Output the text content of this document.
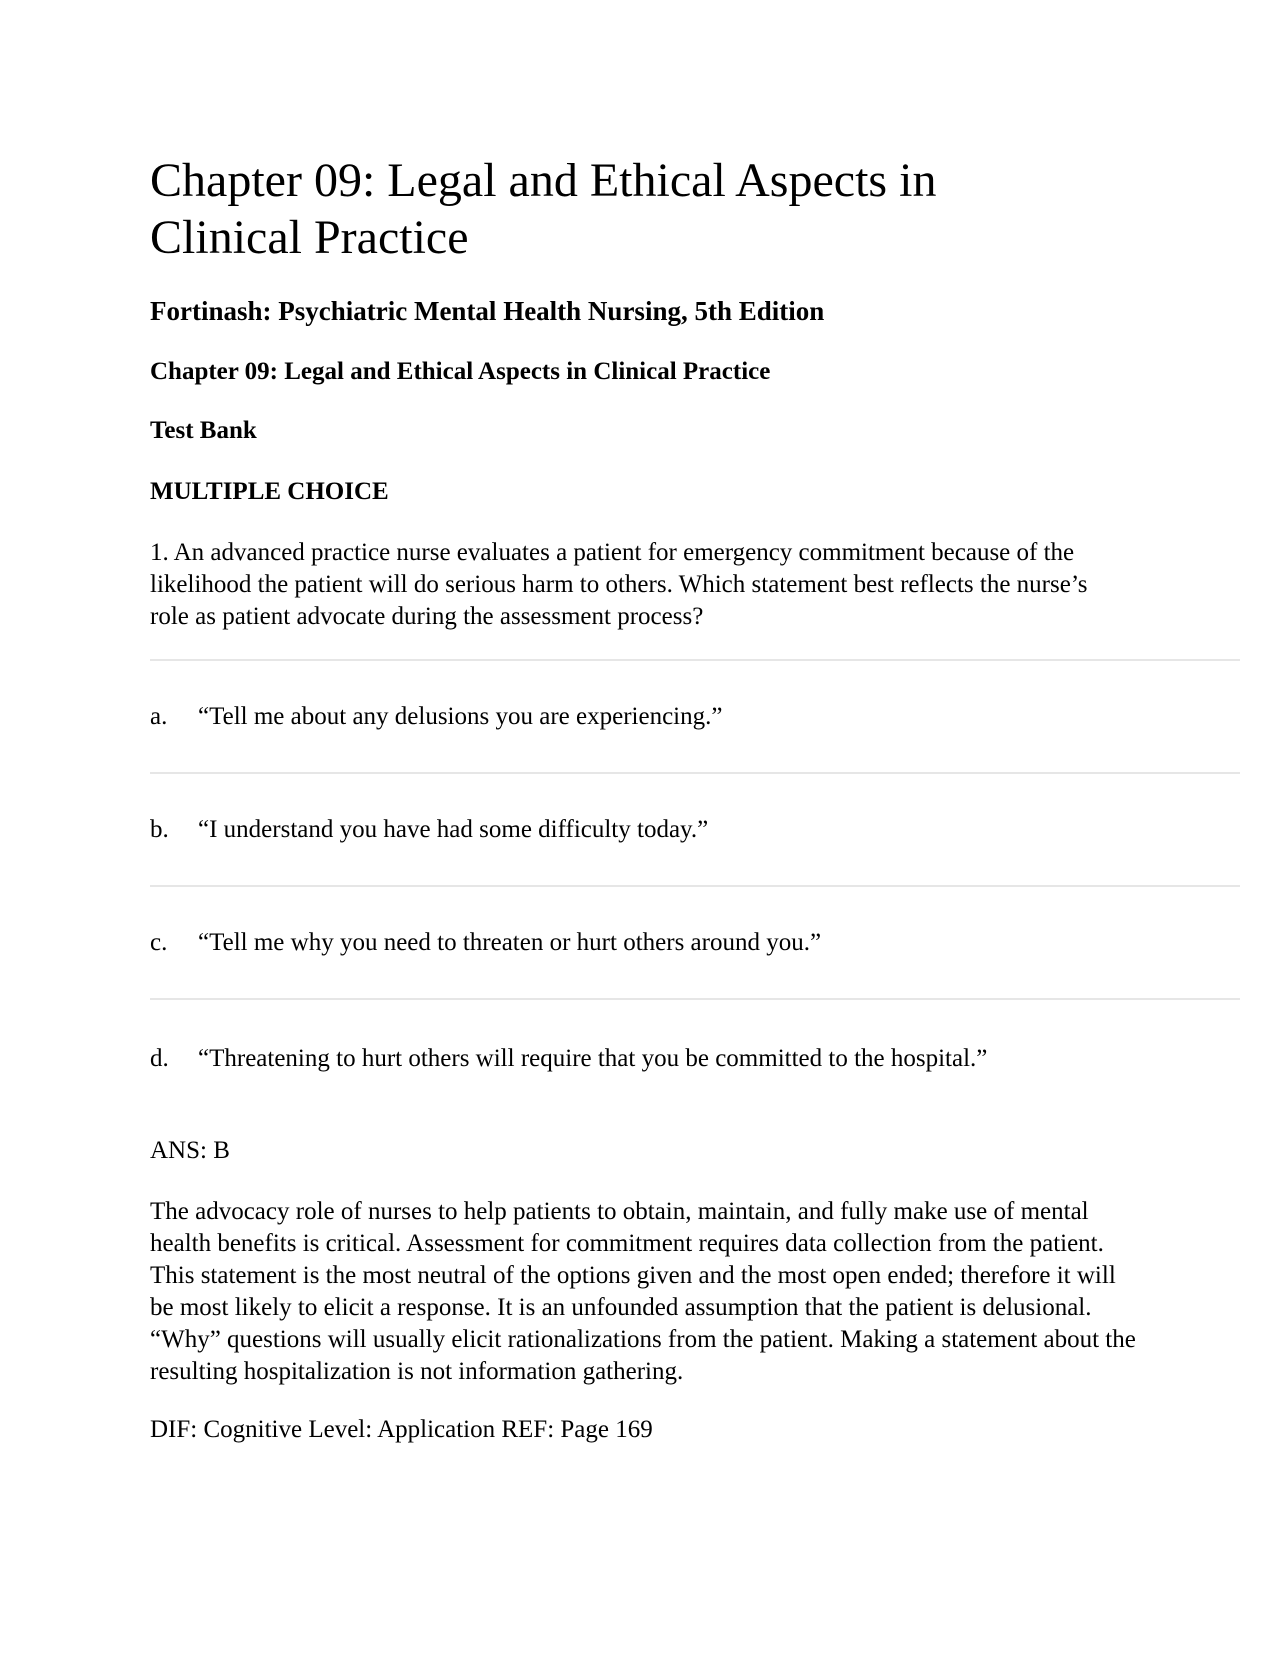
Chapter 09: Legal and Ethical Aspects in Clinical Practice
Fortinash: Psychiatric Mental Health Nursing, 5th Edition
Chapter 09: Legal and Ethical Aspects in Clinical Practice
Test Bank
MULTIPLE CHOICE
1. An advanced practice nurse evaluates a patient for emergency commitment because of the likelihood the patient will do serious harm to others. Which statement best reflects the nurse’s role as patient advocate during the assessment process?
a.	“Tell me about any delusions you are experiencing.”
b.	“I understand you have had some difficulty today.”
c.	“Tell me why you need to threaten or hurt others around you.”
d.	“Threatening to hurt others will require that you be committed to the hospital.”
ANS: B
The advocacy role of nurses to help patients to obtain, maintain, and fully make use of mental health benefits is critical. Assessment for commitment requires data collection from the patient. This statement is the most neutral of the options given and the most open ended; therefore it will be most likely to elicit a response. It is an unfounded assumption that the patient is delusional. “Why” questions will usually elicit rationalizations from the patient. Making a statement about the resulting hospitalization is not information gathering.
DIF: Cognitive Level: Application REF: Page 169
